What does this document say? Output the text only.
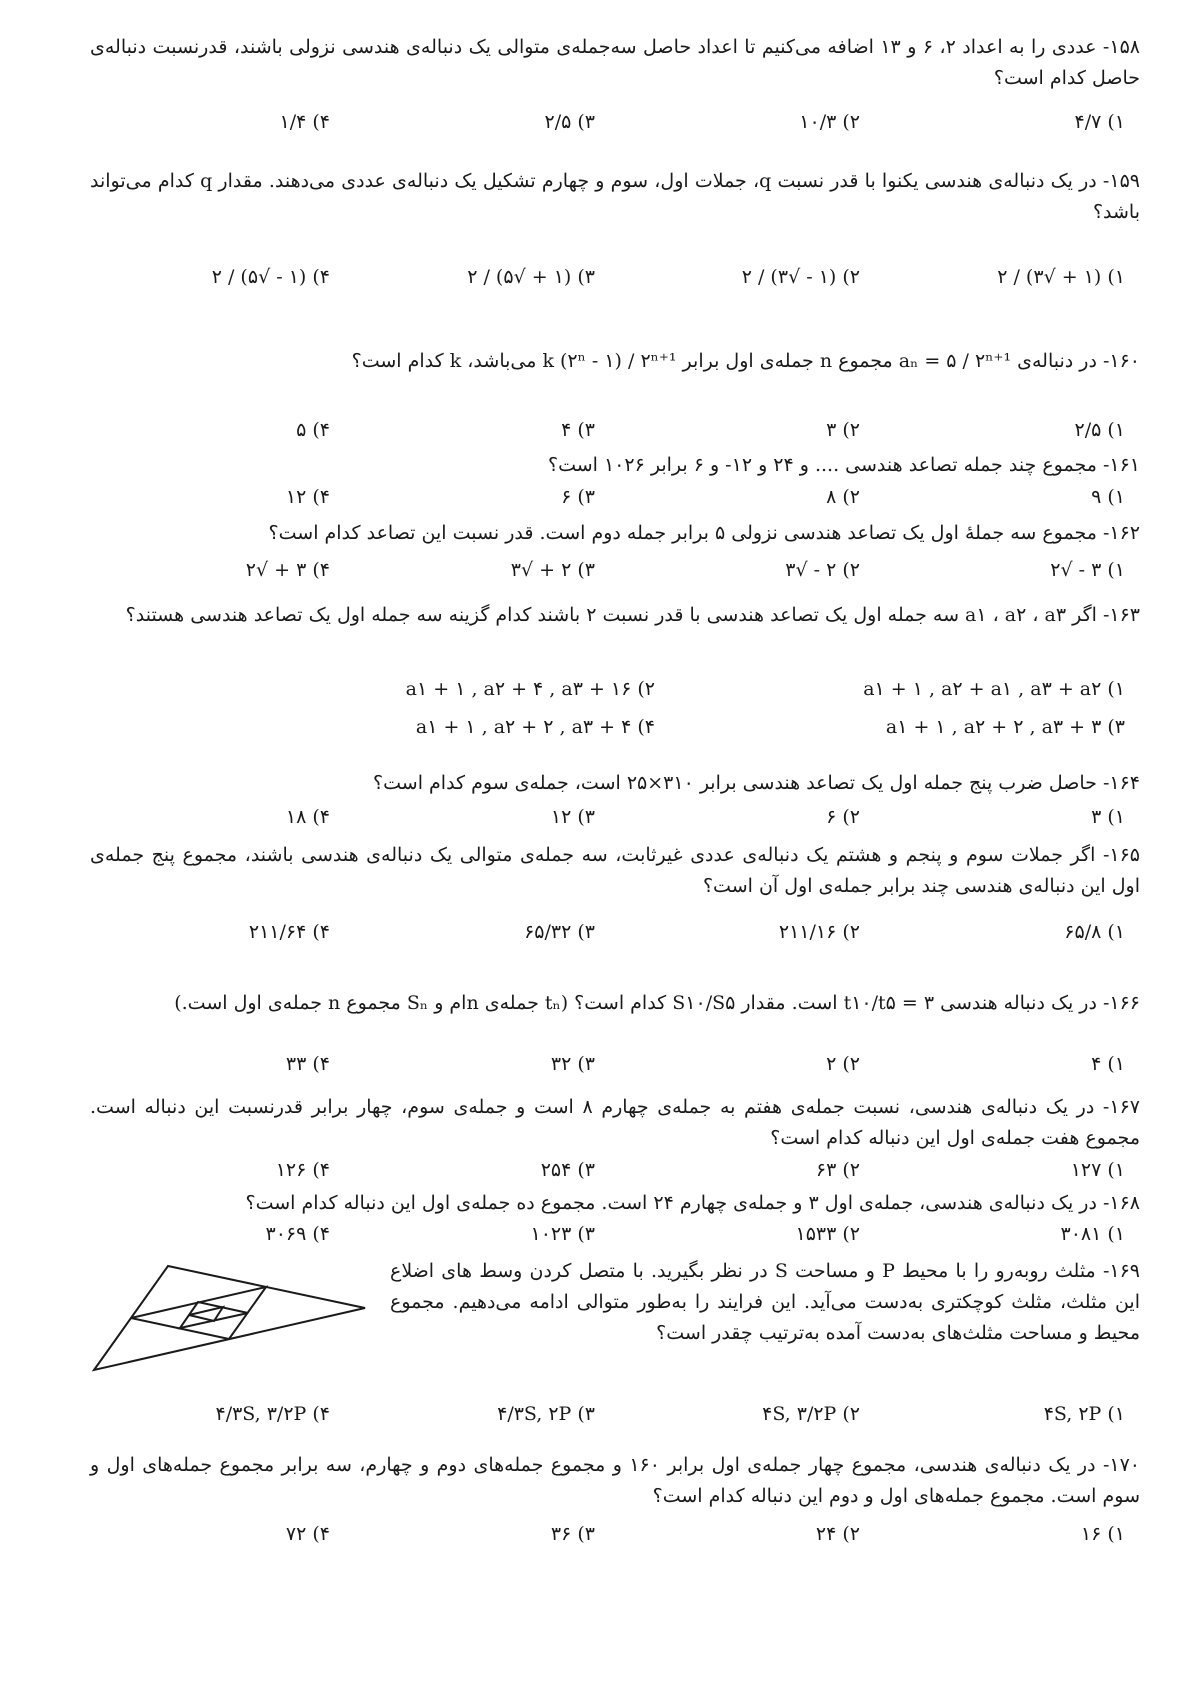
۱۵۸- عددی را به اعداد ۲، ۶ و ۱۳ اضافه می‌کنیم تا اعداد حاصل سه‌جمله‌ی متوالی یک دنباله‌ی هندسی نزولی باشند، قدرنسبت دنباله‌ی حاصل کدام است؟
۱) ۴/۷
۲) ۱۰/۳
۳) ۲/۵
۴) ۱/۴
۱۵۹- در یک دنباله‌ی هندسی یکنوا با قدر نسبت q، جملات اول، سوم و چهارم تشکیل یک دنباله‌ی عددی می‌دهند. مقدار q کدام می‌تواند باشد؟
۱) (۱ + √۳) / ۲
۲) (۱ - √۳) / ۲
۳) (۱ + √۵) / ۲
۴) (۱ - √۵) / ۲
۱۶۰- در دنباله‌ی aₙ = ۵ / ۲ⁿ⁺¹ مجموع n جمله‌ی اول برابر k (۲ⁿ - ۱) / ۲ⁿ⁺¹ می‌باشد، k کدام است؟
۱) ۲/۵
۲) ۳
۳) ۴
۴) ۵
۱۶۱- مجموع چند جمله تصاعد هندسی .... و ۲۴ و ۱۲- و ۶ برابر ۱۰۲۶ است؟
۱) ۹
۲) ۸
۳) ۶
۴) ۱۲
۱۶۲- مجموع سه جملهٔ اول یک تصاعد هندسی نزولی ۵ برابر جمله دوم است. قدر نسبت این تصاعد کدام است؟
۱) ۳ - √۲
۲) ۲ - √۳
۳) ۲ + √۳
۴) ۳ + √۲
۱۶۳- اگر a۱ ، a۲ ، a۳ سه جمله اول یک تصاعد هندسی با قدر نسبت ۲ باشند کدام گزینه سه جمله اول یک تصاعد هندسی هستند؟
۱) a۱ + ۱ , a۲ + a۱ , a۳ + a۲
۲) a۱ + ۱ , a۲ + ۴ , a۳ + ۱۶
۳) a۱ + ۱ , a۲ + ۲ , a۳ + ۳
۴) a۱ + ۱ , a۲ + ۲ , a۳ + ۴
۱۶۴- حاصل ضرب پنج جمله اول یک تصاعد هندسی برابر ۳۱۰×۲۵ است، جمله‌ی سوم کدام است؟
۱) ۳
۲) ۶
۳) ۱۲
۴) ۱۸
۱۶۵- اگر جملات سوم و پنجم و هشتم یک دنباله‌ی عددی غیرثابت، سه جمله‌ی متوالی یک دنباله‌ی هندسی باشند، مجموع پنج جمله‌ی اول این دنباله‌ی هندسی چند برابر جمله‌ی اول آن است؟
۱) ۶۵/۸
۲) ۲۱۱/۱۶
۳) ۶۵/۳۲
۴) ۲۱۱/۶۴
۱۶۶- در یک دنباله هندسی ۳ = t۱۰/t۵ است. مقدار S۱۰/S۵ کدام است؟ (tₙ جمله‌ی nام و Sₙ مجموع n جمله‌ی اول است.)
۱) ۴
۲) ۲
۳) ۳۲
۴) ۳۳
۱۶۷- در یک دنباله‌ی هندسی، نسبت جمله‌ی هفتم به جمله‌ی چهارم ۸ است و جمله‌ی سوم، چهار برابر قدرنسبت این دنباله است. مجموع هفت جمله‌ی اول این دنباله کدام است؟
۱) ۱۲۷
۲) ۶۳
۳) ۲۵۴
۴) ۱۲۶
۱۶۸- در یک دنباله‌ی هندسی، جمله‌ی اول ۳ و جمله‌ی چهارم ۲۴ است. مجموع ده جمله‌ی اول این دنباله کدام است؟
۱) ۳۰۸۱
۲) ۱۵۳۳
۳) ۱۰۲۳
۴) ۳۰۶۹
۱۶۹- مثلث روبه‌رو را با محیط P و مساحت S در نظر بگیرید. با متصل کردن وسط های اضلاع این مثلث، مثلث کوچکتری به‌دست می‌آید. این فرایند را به‌طور متوالی ادامه می‌دهیم. مجموع محیط و مساحت مثلث‌های به‌دست آمده به‌ترتیب چقدر است؟
۱) ۴S, ۲P
۲) ۴S, ۳/۲P
۳) ۴/۳S, ۲P
۴) ۴/۳S, ۳/۲P
۱۷۰- در یک دنباله‌ی هندسی، مجموع چهار جمله‌ی اول برابر ۱۶۰ و مجموع جمله‌های دوم و چهارم، سه برابر مجموع جمله‌های اول و سوم است. مجموع جمله‌های اول و دوم این دنباله کدام است؟
۱) ۱۶
۲) ۲۴
۳) ۳۶
۴) ۷۲
